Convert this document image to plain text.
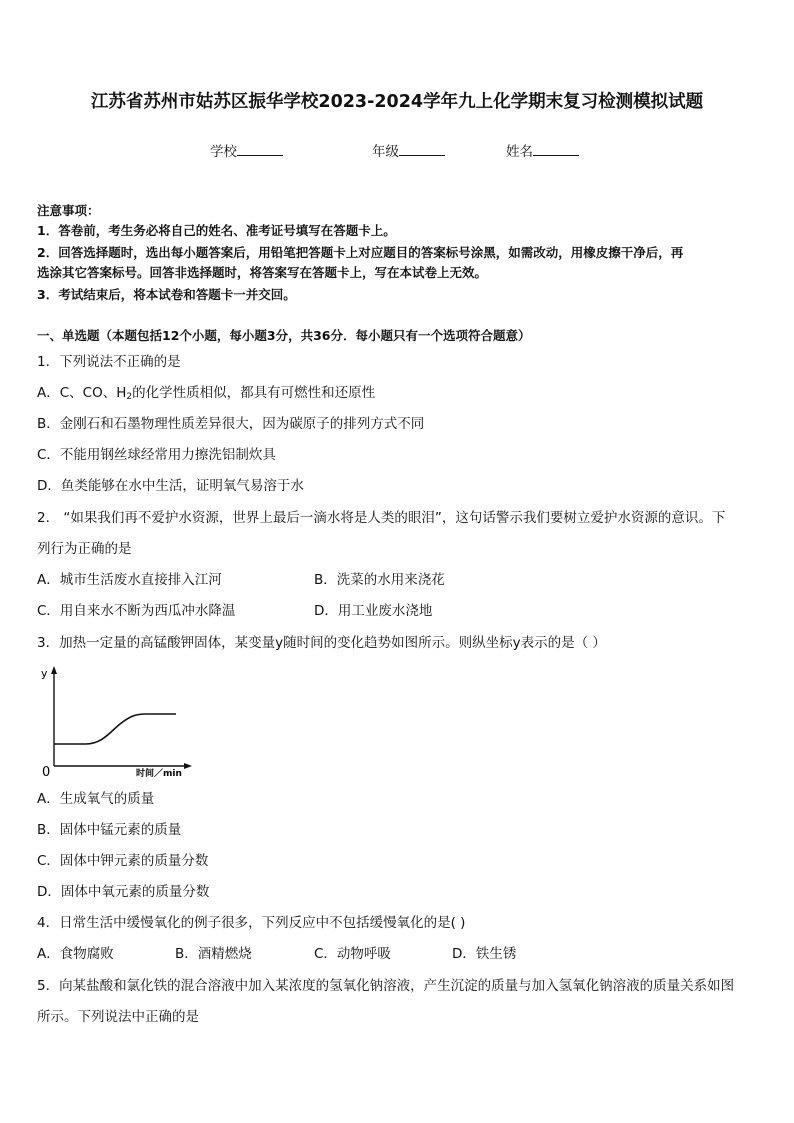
江苏省苏州市姑苏区振华学校2023-2024学年九上化学期末复习检测模拟试题
学校	年级	姓名
注意事项：
1．答卷前，考生务必将自己的姓名、准考证号填写在答题卡上。
2．回答选择题时，选出每小题答案后，用铅笔把答题卡上对应题目的答案标号涂黑，如需改动，用橡皮擦干净后，再
选涂其它答案标号。回答非选择题时，将答案写在答题卡上，写在本试卷上无效。
3．考试结束后，将本试卷和答题卡一并交回。
一、单选题（本题包括12个小题，每小题3分，共36分．每小题只有一个选项符合题意）
1．下列说法不正确的是
A．C、CO、$H_2$的化学性质相似，都具有可燃性和还原性
B．金刚石和石墨物理性质差异很大，因为碳原子的排列方式不同
C．不能用钢丝球经常用力擦洗铝制炊具
D．鱼类能够在水中生活，证明氧气易溶于水
2． “如果我们再不爱护水资源，世界上最后一滴水将是人类的眼泪”，这句话警示我们要树立爱护水资源的意识。下
列行为正确的是
A．城市生活废水直接排入江河	B．洗菜的水用来浇花
C．用自来水不断为西瓜冲水降温	D．用工业废水浇地
3．加热一定量的高锰酸钾固体，某变量y随时间的变化趋势如图所示。则纵坐标y表示的是（ ）
y
0	时间／min
A．生成氧气的质量
B．固体中锰元素的质量
C．固体中钾元素的质量分数
D．固体中氧元素的质量分数
4．日常生活中缓慢氧化的例子很多，下列反应中不包括缓慢氧化的是( )
A．食物腐败	B．酒精燃烧	C．动物呼吸	D．铁生锈
5．向某盐酸和氯化铁的混合溶液中加入某浓度的氢氧化钠溶液，产生沉淀的质量与加入氢氧化钠溶液的质量关系如图
所示。下列说法中正确的是
